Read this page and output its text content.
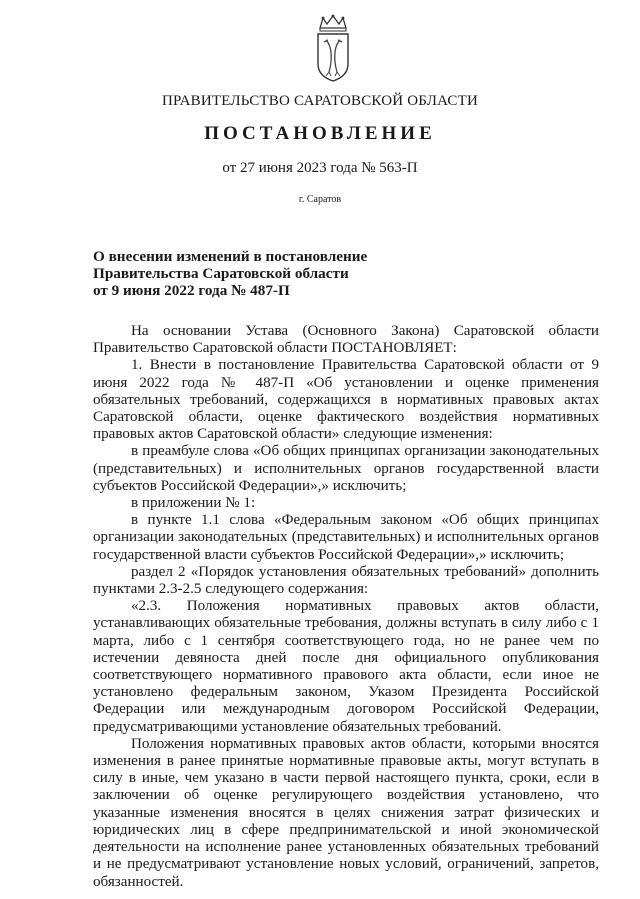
ПРАВИТЕЛЬСТВО САРАТОВСКОЙ ОБЛАСТИ
ПОСТАНОВЛЕНИЕ
от 27 июня 2023 года № 563-П
г. Саратов
О внесении изменений в постановление
Правительства Саратовской области
от 9 июня 2022 года № 487-П

На основании Устава (Основного Закона) Саратовской области Правительство Саратовской области ПОСТАНОВЛЯЕТ:

1. Внести в постановление Правительства Саратовской области от 9 июня 2022 года № 487-П «Об установлении и оценке применения обязательных требований, содержащихся в нормативных правовых актах Саратовской области, оценке фактического воздействия нормативных правовых актов Саратовской области» следующие изменения:

в преамбуле слова «Об общих принципах организации законодательных (представительных) и исполнительных органов государственной власти субъектов Российской Федерации»,» исключить;

в приложении № 1:

в пункте 1.1 слова «Федеральным законом «Об общих принципах организации законодательных (представительных) и исполнительных органов государственной власти субъектов Российской Федерации»,» исключить;

раздел 2 «Порядок установления обязательных требований» дополнить пунктами 2.3-2.5 следующего содержания:

«2.3. Положения нормативных правовых актов области, устанавливающих обязательные требования, должны вступать в силу либо с 1 марта, либо с 1 сентября соответствующего года, но не ранее чем по истечении девяноста дней после дня официального опубликования соответствующего нормативного правового акта области, если иное не установлено федеральным законом, Указом Президента Российской Федерации или международным договором Российской Федерации, предусматривающими установление обязательных требований.

Положения нормативных правовых актов области, которыми вносятся изменения в ранее принятые нормативные правовые акты, могут вступать в силу в иные, чем указано в части первой настоящего пункта, сроки, если в заключении об оценке регулирующего воздействия установлено, что указанные изменения вносятся в целях снижения затрат физических и юридических лиц в сфере предпринимательской и иной экономической деятельности на исполнение ранее установленных обязательных требований и не предусматривают установление новых условий, ограничений, запретов, обязанностей.
